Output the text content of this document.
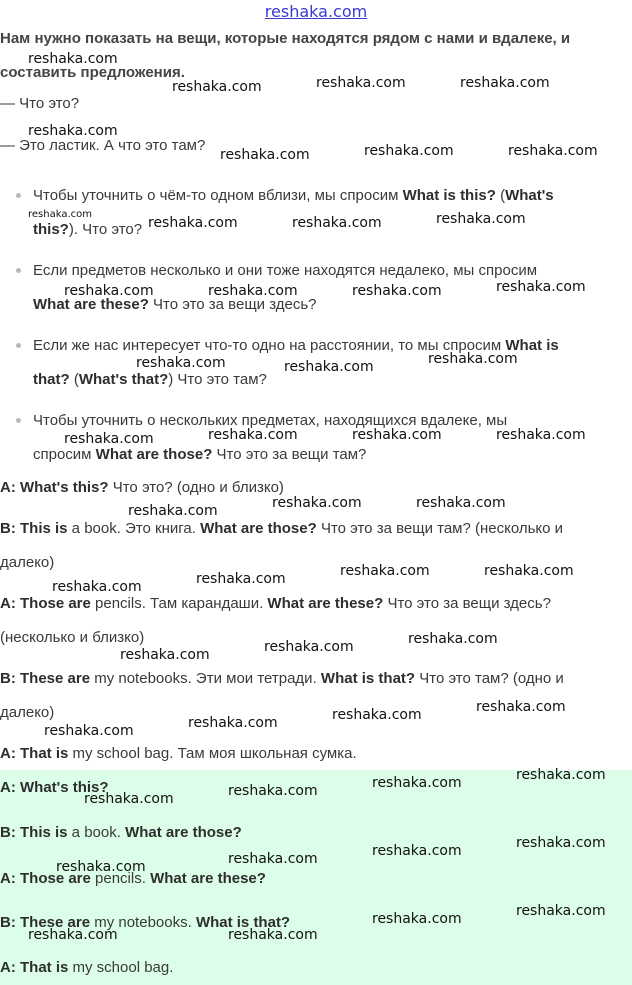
reshaka.com
Нам нужно показать на вещи, которые находятся рядом с нами и вдалеке, и
составить предложения.
— Что это?
— Это ластик. А что это там?
Чтобы уточнить о чём-то одном вблизи, мы спросим What is this? (What's
this?). Что это?
Если предметов несколько и они тоже находятся недалеко, мы спросим
What are these? Что это за вещи здесь?
Если же нас интересует что-то одно на расстоянии, то мы спросим What is
that? (What's that?) Что это там?
Чтобы уточнить о нескольких предметах, находящихся вдалеке, мы
спросим What are those? Что это за вещи там?
A: What's this? Что это? (одно и близко)
B: This is a book. Это книга. What are those? Что это за вещи там? (несколько и
далеко)
A: Those are pencils. Там карандаши. What are these? Что это за вещи здесь?
(несколько и близко)
B: These are my notebooks. Эти мои тетради. What is that? Что это там? (одно и
далеко)
A: That is my school bag. Там моя школьная сумка.
A: What's this?
B: This is a book. What are those?
A: Those are pencils. What are these?
B: These are my notebooks. What is that?
A: That is my school bag.
reshaka.com
reshaka.com	reshaka.com	reshaka.com
reshaka.com
reshaka.com	reshaka.com	reshaka.com
reshaka.com
reshaka.com	reshaka.com	reshaka.com
reshaka.com	reshaka.com	reshaka.com	reshaka.com
reshaka.com	reshaka.com	reshaka.com
reshaka.com	reshaka.com	reshaka.com	reshaka.com
reshaka.com	reshaka.com	reshaka.com
reshaka.com	reshaka.com	reshaka.com	reshaka.com
reshaka.com	reshaka.com	reshaka.com
reshaka.com	reshaka.com	reshaka.com	reshaka.com
reshaka.com	reshaka.com	reshaka.com	reshaka.com
reshaka.com	reshaka.com	reshaka.com	reshaka.com
reshaka.com	reshaka.com
reshaka.com	reshaka.com
